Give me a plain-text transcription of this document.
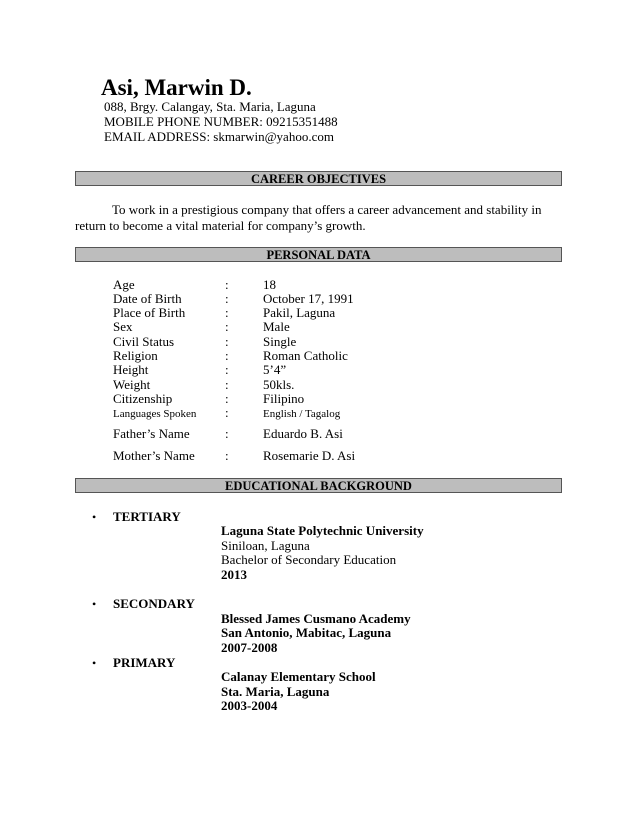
Asi, Marwin D.
088, Brgy. Calangay, Sta. Maria, Laguna
MOBILE PHONE NUMBER: 09215351488
EMAIL ADDRESS: skmarwin@yahoo.com
CAREER OBJECTIVES
To work in a prestigious company that offers a career advancement and stability in return to become a vital material for company’s growth.
PERSONAL DATA
Age	:	18
Date of Birth	:	October 17, 1991
Place of Birth	:	Pakil, Laguna
Sex	:	Male
Civil Status	:	Single
Religion	:	Roman Catholic
Height	:	5’4”
Weight	:	50kls.
Citizenship	:	Filipino
Languages Spoken :	English / Tagalog
Father’s Name	:	Eduardo B. Asi
Mother’s Name :	Rosemarie D. Asi
EDUCATIONAL BACKGROUND
• TERTIARY
Laguna State Polytechnic University
Siniloan, Laguna
Bachelor of Secondary Education
2013
• SECONDARY
Blessed James Cusmano Academy
San Antonio, Mabitac, Laguna
2007-2008
• PRIMARY
Calanay Elementary School
Sta. Maria, Laguna
2003-2004
